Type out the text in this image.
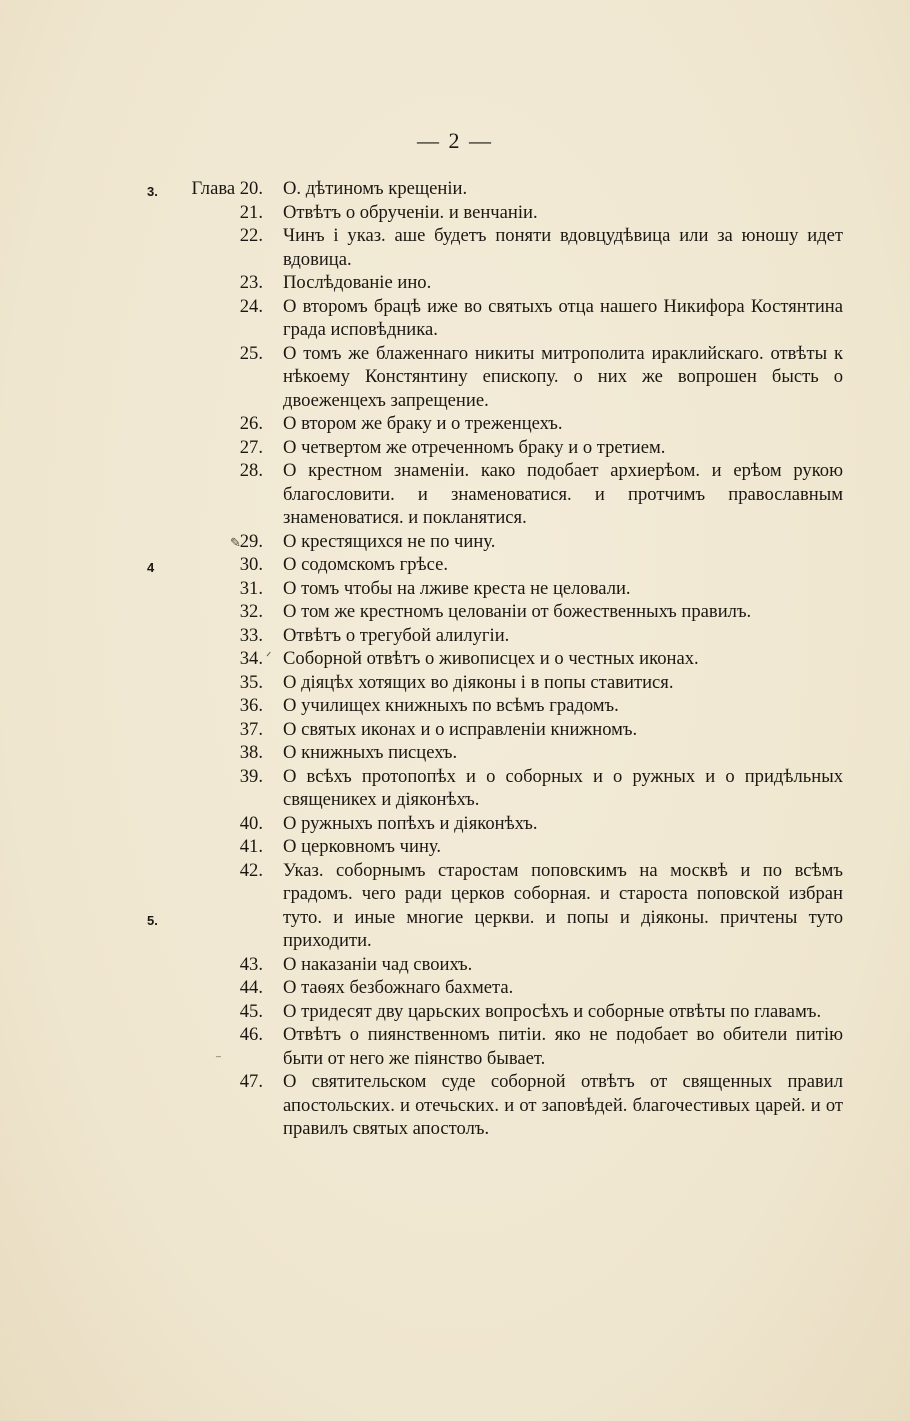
— 2 —
3. Глава 20. О. дѣтиномъ крещенiи.
21. Отвѣтъ о обрученiи. и венчанiи.
22. Чинъ i указ. аше будетъ поняти вдовцудѣвица или за юношу идет вдовица.
23. Послѣдованiе ино.
24. О второмъ брацѣ иже во святыхъ отца нашего Никифора Костянтина града исповѣдника.
25. О томъ же блаженнаго никиты митрополита ираклийскаго. отвѣты к нѣкоему Констянтину епископу. о них же вопрошен бысть о двоеженцехъ запрещение.
26. О втором же браку и о треженцехъ.
27. О четвертом же отреченномъ браку и о третием.
28. О крестном знаменiи. како подобает архиерѣом. и ерѣом рукою благословити. и знаменоватися. и протчимъ православным знаменоватися. и покланятися.
✎
29. О крестящихся не по чину.
4	30. О содомскомъ грѣсе.
31. О томъ чтобы на лживе креста не целовали.
32. О том же крестномъ целованiи от божественныхъ правилъ.
33. Отвѣтъ о трегубой алилугiи.
ᐟ
34. Соборной отвѣтъ о живописцех и о честных иконах.
35. О дiяцѣх хотящих во дiяконы i в попы ставитися.
36. О училищех книжныхъ по всѣмъ градомъ.
37. О святых иконах и о исправленiи книжномъ.
38. О книжныхъ писцехъ.
39. О всѣхъ протопопѣх и о соборных и о ружных и о придѣльных священикех и дiяконѣхъ.
40. О ружныхъ попѣхъ и дiяконѣхъ.
41. О церковномъ чину.
5.
42. Указ. соборнымъ старостам поповскимъ на москвѣ и по всѣмъ градомъ. чего ради церков соборная. и староста поповской избран туто. и иные многие церкви. и попы и дiяконы. причтены туто приходити.
43. О наказанiи чад своихъ.
44. О таѳях безбожнаго бахмета.
45. О тридесят дву царьских вопросѣхъ и соборные отвѣты по главамъ.
⁻
46. Отвѣтъ о пиянственномъ питiи. яко не подобает во обители питiю быти от него же пiянство бывает.
47. О святительском суде соборной отвѣтъ от священных правил апостольских. и отечьских. и от заповѣдей. благочестивых царей. и от правилъ святых апостолъ.
